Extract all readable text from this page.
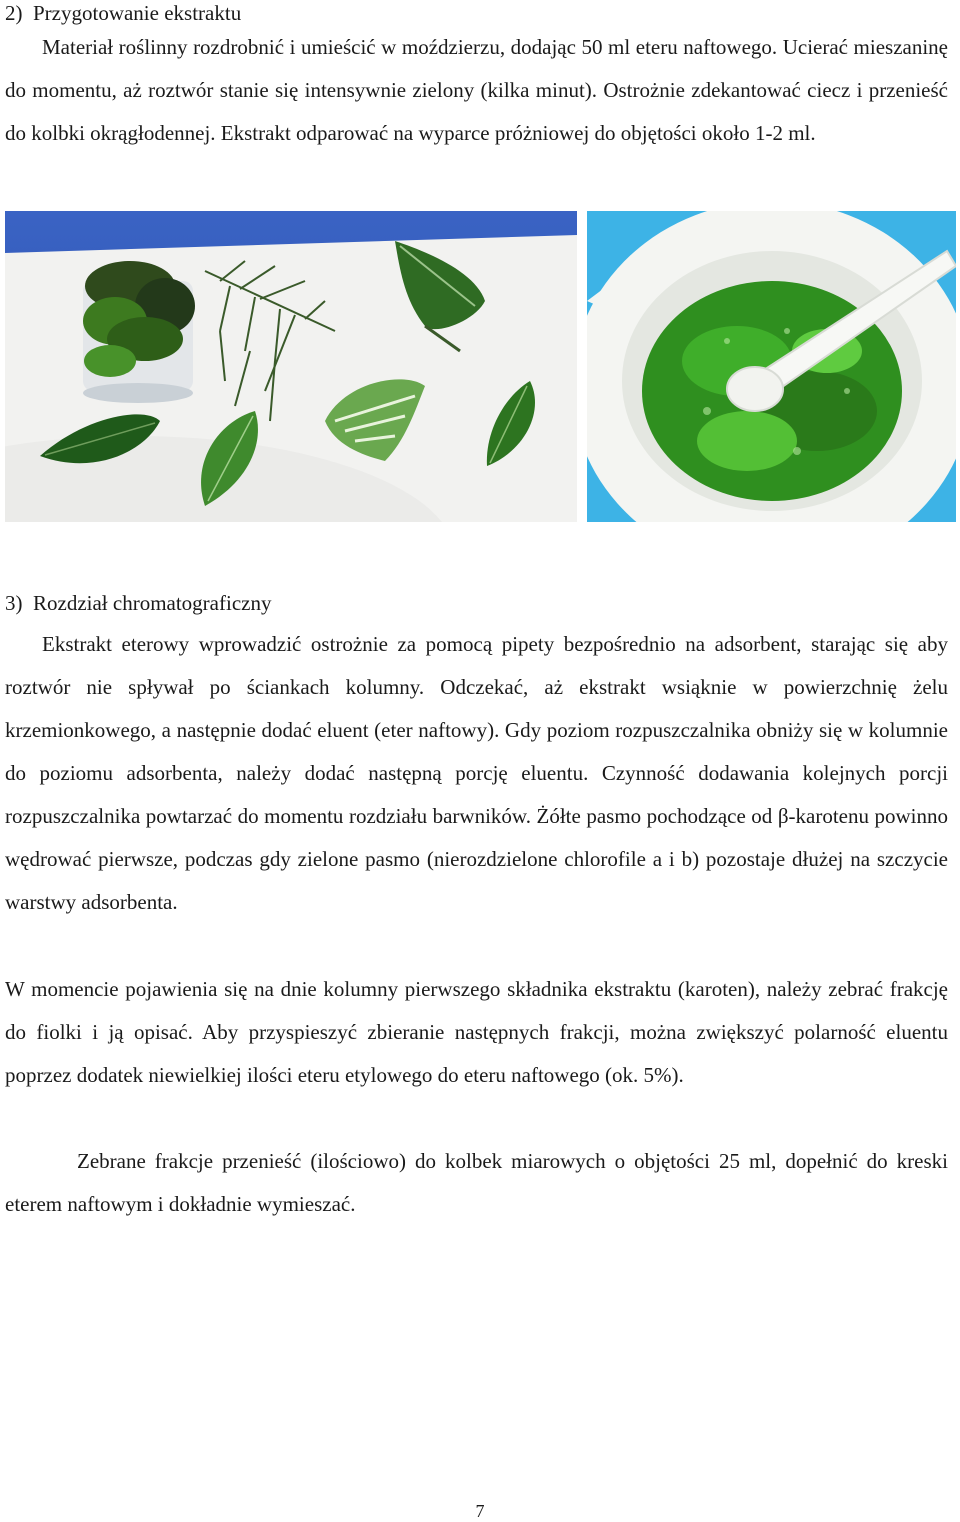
2) Przygotowanie ekstraktu

Materiał roślinny rozdrobnić i umieścić w moździerzu, dodając 50 ml eteru naftowego. Ucierać mieszaninę do momentu, aż roztwór stanie się intensywnie zielony (kilka minut). Ostrożnie zdekantować ciecz i przenieść do kolbki okrągłodennej. Ekstrakt odparować na wyparce próżniowej do objętości około 1-2 ml.

3) Rozdział chromatograficzny

Ekstrakt eterowy wprowadzić ostrożnie za pomocą pipety bezpośrednio na adsorbent, starając się aby roztwór nie spływał po ściankach kolumny. Odczekać, aż ekstrakt wsiąknie w powierzchnię żelu krzemionkowego, a następnie dodać eluent (eter naftowy). Gdy poziom rozpuszczalnika obniży się w kolumnie do poziomu adsorbenta, należy dodać następną porcję eluentu. Czynność dodawania kolejnych porcji rozpuszczalnika powtarzać do momentu rozdziału barwników. Żółte pasmo pochodzące od β-karotenu powinno wędrować pierwsze, podczas gdy zielone pasmo (nierozdzielone chlorofile a i b) pozostaje dłużej na szczycie warstwy adsorbenta.

W momencie pojawienia się na dnie kolumny pierwszego składnika ekstraktu (karoten), należy zebrać frakcję do fiolki i ją opisać. Aby przyspieszyć zbieranie następnych frakcji, można zwiększyć polarność eluentu poprzez dodatek niewielkiej ilości eteru etylowego do eteru naftowego (ok. 5%).

Zebrane frakcje przenieść (ilościowo) do kolbek miarowych o objętości 25 ml, dopełnić do kreski eterem naftowym i dokładnie wymieszać.

7
